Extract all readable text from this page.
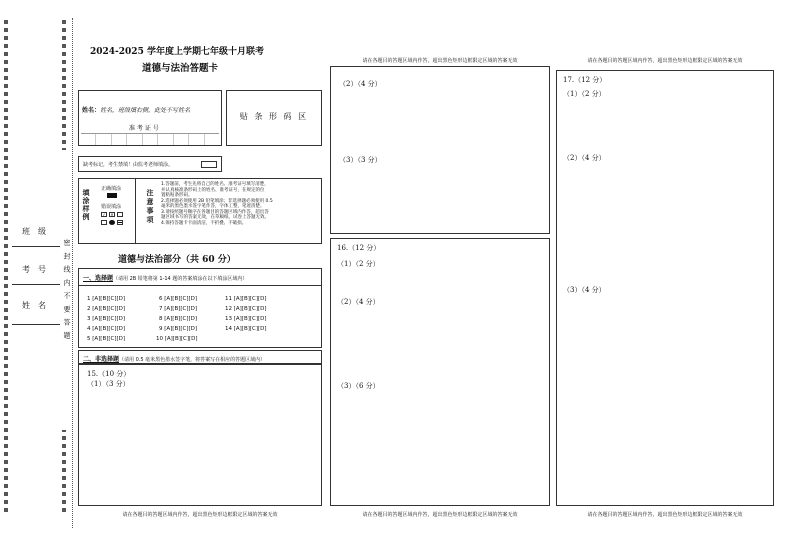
密 封 线 内 不 要 答 题
班　级
考　号
姓　名
2024-2025 学年度上学期七年级十月联考
道德与法治答题卡
姓名：姓名，班级填右侧，此处不写姓名
准 考 证 号
贴 条 形 码 区
缺考标记，考生禁填！由监考老师填涂。
填涂样例 正确填涂
错误填涂
✓	✕	注意事项
1.答题前，考生先将自己的姓名、准考证号填写清楚，
并认真核准条形码上的姓名、准考证号，在规定的位
置粘贴条形码。
2.选择题必须使用 2B 铅笔填涂；非选择题必须使用 0.5
毫米的黑色墨水签字笔作答，字体工整，笔迹清楚。
3.请按照题号顺序在各题目的答题区域内作答，超出答
题区域书写的答案无效，在草稿纸、试卷上答题无效。
4.保持答题卡卡面清洁，不折叠、不破损。
道德与法治部分（共 60 分）
一、选择题（请用 2B 铅笔将第 1-14 题的答案填涂在以下填涂区域内）
1 [A][B][C][D]
2 [A][B][C][D]
3 [A][B][C][D]
4 [A][B][C][D]
5 [A][B][C][D]
6 [A][B][C][D]
7 [A][B][C][D]
8 [A][B][C][D]
9 [A][B][C][D]
10 [A][B][C][D]
11 [A][B][C][D]
12 [A][B][C][D]
13 [A][B][C][D]
14 [A][B][C][D]
二、非选择题（请用 0.5 毫米黑色墨水签字笔，将答案写在相应的答题区域内）
15.（10 分）
（1）（3 分）
请在各题目的答题区域内作答，超出黑色矩形边框限定区域的答案无效
请在各题目的答题区域内作答，超出黑色矩形边框限定区域的答案无效
（2）（4 分）
（3）（3 分）
16.（12 分）
（1）（2 分）
（2）（4 分）
（3）（6 分）
请在各题目的答题区域内作答，超出黑色矩形边框限定区域的答案无效
请在各题目的答题区域内作答，超出黑色矩形边框限定区域的答案无效
17.（12 分）
（1）（2 分）
（2）（4 分）
（3）（4 分）
请在各题目的答题区域内作答，超出黑色矩形边框限定区域的答案无效
